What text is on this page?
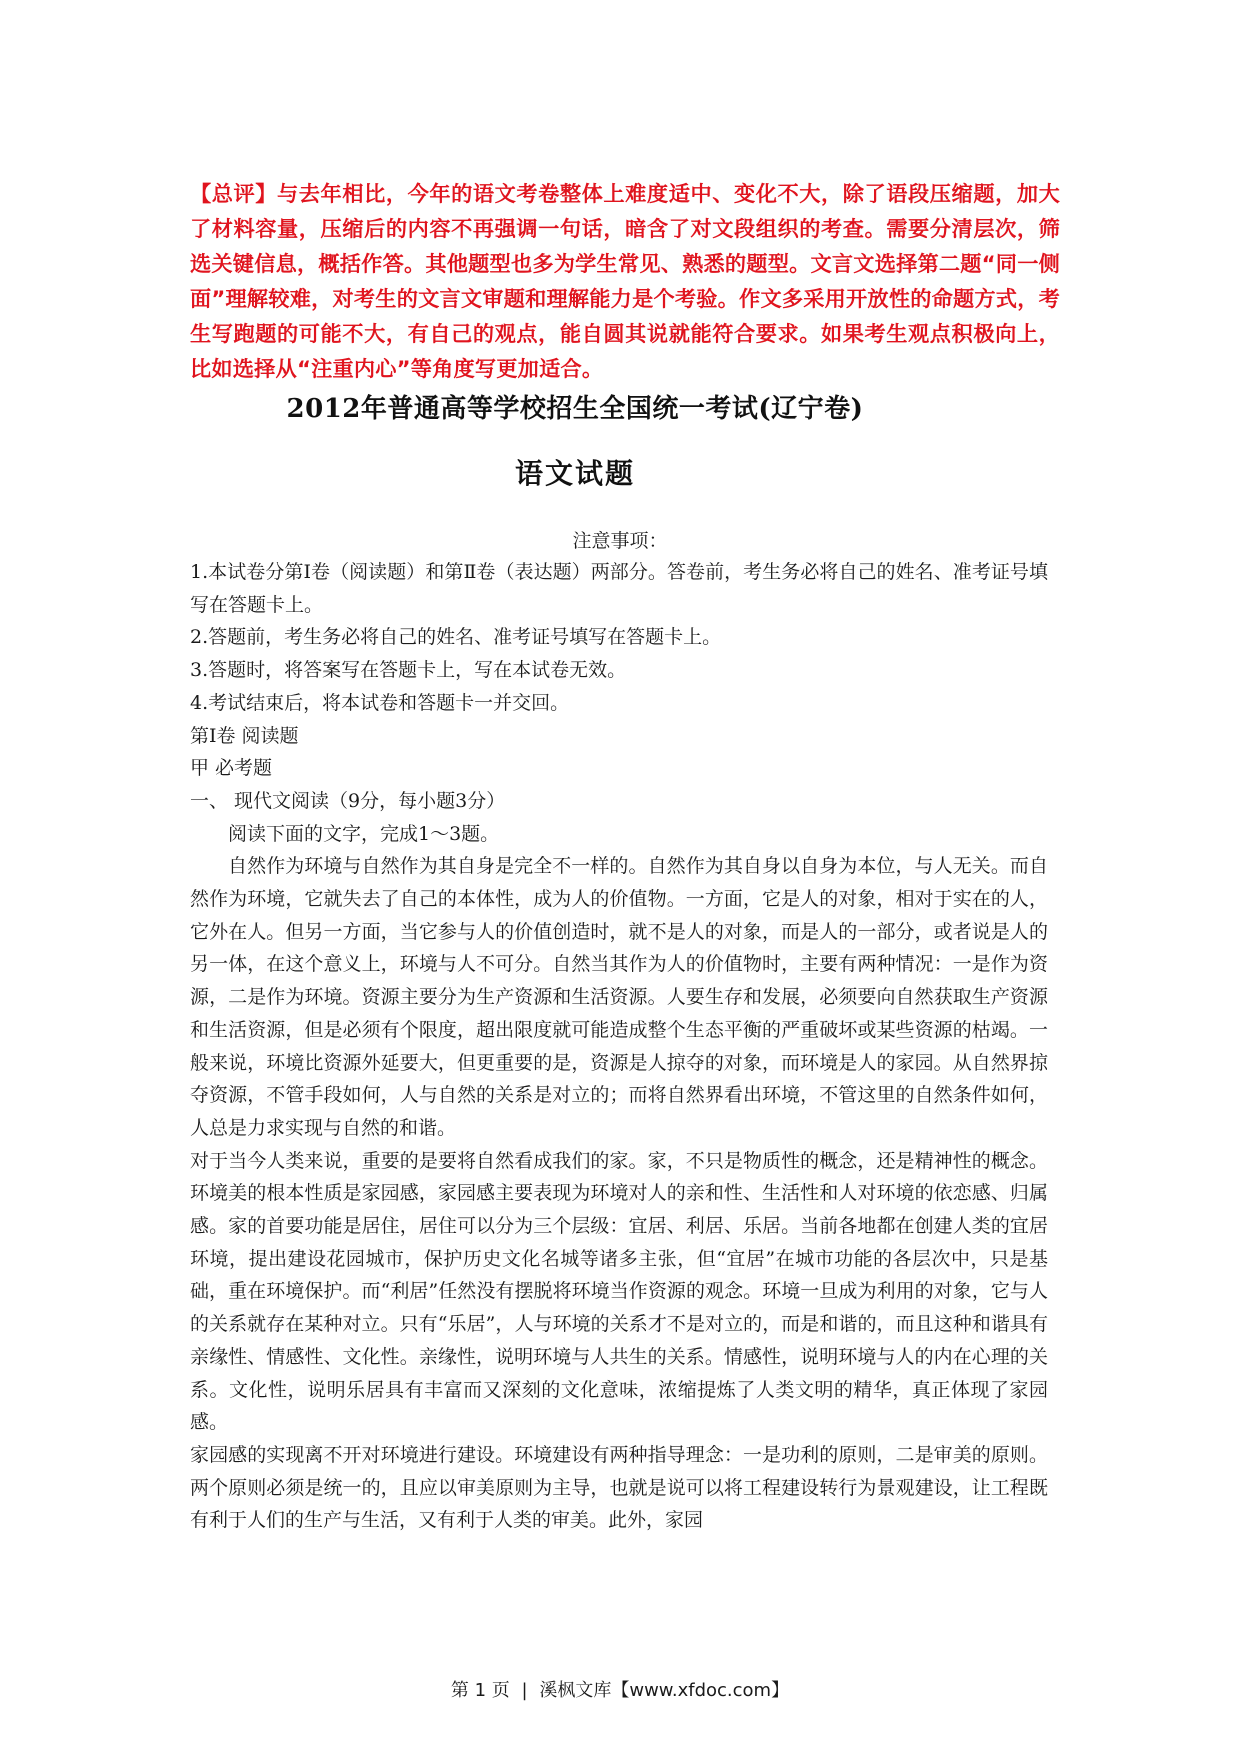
【总评】与去年相比，今年的语文考卷整体上难度适中、变化不大，除了语段压缩题，加大了材料容量，压缩后的内容不再强调一句话，暗含了对文段组织的考查。需要分清层次，筛选关键信息，概括作答。其他题型也多为学生常见、熟悉的题型。文言文选择第二题“同一侧面”理解较难，对考生的文言文审题和理解能力是个考验。作文多采用开放性的命题方式，考生写跑题的可能不大，有自己的观点，能自圆其说就能符合要求。如果考生观点积极向上，比如选择从“注重内心”等角度写更加适合。
2012年普通高等学校招生全国统一考试(辽宁卷)
语文试题
注意事项：

1.本试卷分第Ⅰ卷（阅读题）和第Ⅱ卷（表达题）两部分。答卷前，考生务必将自己的姓名、准考证号填写在答题卡上。

2.答题前，考生务必将自己的姓名、准考证号填写在答题卡上。

3.答题时，将答案写在答题卡上，写在本试卷无效。

4.考试结束后，将本试卷和答题卡一并交回。

第Ⅰ卷 阅读题

甲 必考题

一、 现代文阅读（9分，每小题3分）

阅读下面的文字，完成1～3题。

自然作为环境与自然作为其自身是完全不一样的。自然作为其自身以自身为本位，与人无关。而自然作为环境，它就失去了自己的本体性，成为人的价值物。一方面，它是人的对象，相对于实在的人，它外在人。但另一方面，当它参与人的价值创造时，就不是人的对象，而是人的一部分，或者说是人的另一体，在这个意义上，环境与人不可分。自然当其作为人的价值物时，主要有两种情况：一是作为资源，二是作为环境。资源主要分为生产资源和生活资源。人要生存和发展，必须要向自然获取生产资源和生活资源，但是必须有个限度，超出限度就可能造成整个生态平衡的严重破坏或某些资源的枯竭。一般来说，环境比资源外延要大，但更重要的是，资源是人掠夺的对象，而环境是人的家园。从自然界掠夺资源，不管手段如何，人与自然的关系是对立的；而将自然界看出环境，不管这里的自然条件如何，人总是力求实现与自然的和谐。

对于当今人类来说，重要的是要将自然看成我们的家。家，不只是物质性的概念，还是精神性的概念。环境美的根本性质是家园感，家园感主要表现为环境对人的亲和性、生活性和人对环境的依恋感、归属感。家的首要功能是居住，居住可以分为三个层级：宜居、利居、乐居。当前各地都在创建人类的宜居环境，提出建设花园城市，保护历史文化名城等诸多主张，但“宜居”在城市功能的各层次中，只是基础，重在环境保护。而“利居”任然没有摆脱将环境当作资源的观念。环境一旦成为利用的对象，它与人的关系就存在某种对立。只有“乐居”，人与环境的关系才不是对立的，而是和谐的，而且这种和谐具有亲缘性、情感性、文化性。亲缘性，说明环境与人共生的关系。情感性，说明环境与人的内在心理的关系。文化性，说明乐居具有丰富而又深刻的文化意味，浓缩提炼了人类文明的精华，真正体现了家园感。

家园感的实现离不开对环境进行建设。环境建设有两种指导理念：一是功利的原则，二是审美的原则。两个原则必须是统一的，且应以审美原则为主导，也就是说可以将工程建设转行为景观建设，让工程既有利于人们的生产与生活，又有利于人类的审美。此外，家园

第 1 页 | 溪枫文库【www.xfdoc.com】
